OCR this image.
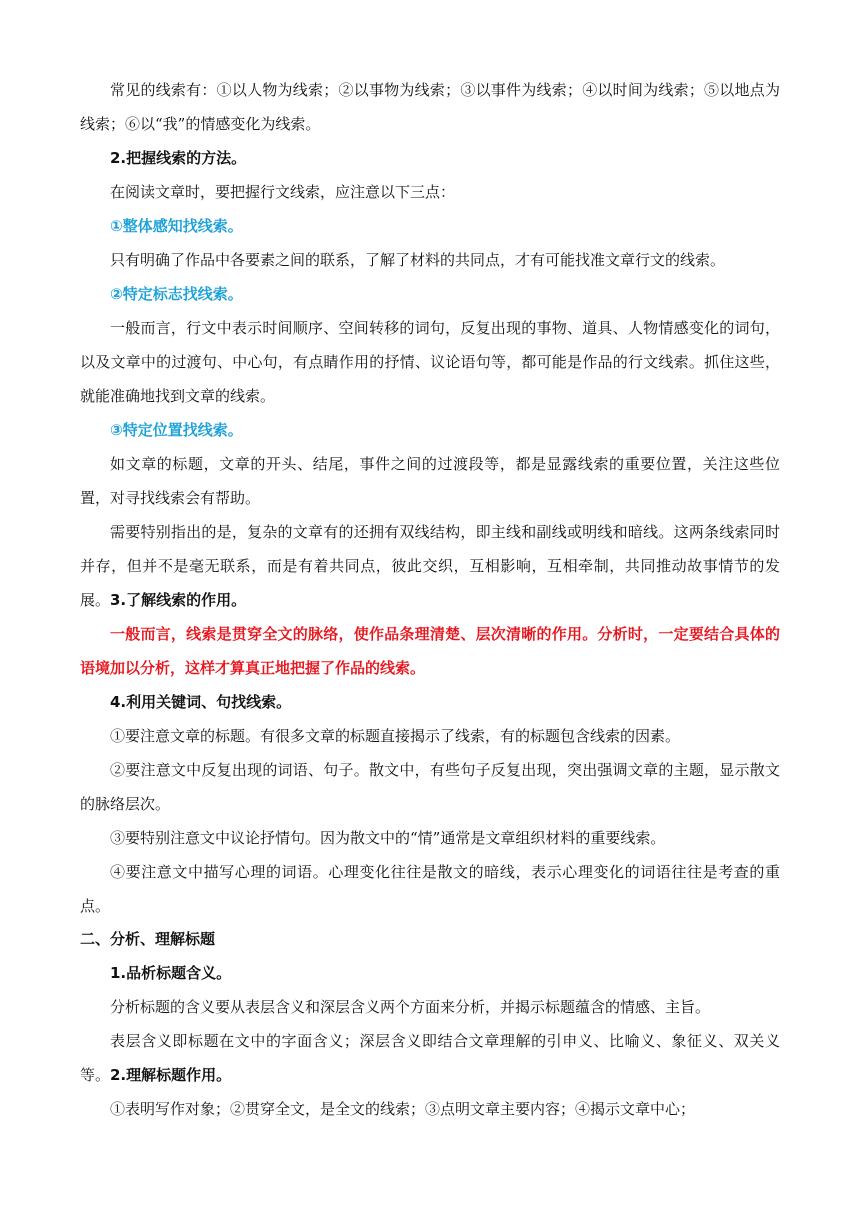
常见的线索有：①以人物为线索；②以事物为线索；③以事件为线索；④以时间为线索；⑤以地点为线索；⑥以“我”的情感变化为线索。

2.把握线索的方法。

在阅读文章时，要把握行文线索，应注意以下三点：

①整体感知找线索。

只有明确了作品中各要素之间的联系，了解了材料的共同点，才有可能找准文章行文的线索。

②特定标志找线索。

一般而言，行文中表示时间顺序、空间转移的词句，反复出现的事物、道具、人物情感变化的词句，以及文章中的过渡句、中心句，有点睛作用的抒情、议论语句等，都可能是作品的行文线索。抓住这些，就能准确地找到文章的线索。

③特定位置找线索。

如文章的标题，文章的开头、结尾，事件之间的过渡段等，都是显露线索的重要位置，关注这些位置，对寻找线索会有帮助。

需要特别指出的是，复杂的文章有的还拥有双线结构，即主线和副线或明线和暗线。这两条线索同时并存，但并不是毫无联系，而是有着共同点，彼此交织，互相影响，互相牵制，共同推动故事情节的发展。 3.了解线索的作用。

一般而言，线索是贯穿全文的脉络，使作品条理清楚、层次清晰的作用。分析时，一定要结合具体的语境加以分析，这样才算真正地把握了作品的线索。

4.利用关键词、句找线索。

①要注意文章的标题。有很多文章的标题直接揭示了线索，有的标题包含线索的因素。

②要注意文中反复出现的词语、句子。散文中，有些句子反复出现，突出强调文章的主题，显示散文的脉络层次。

③要特别注意文中议论抒情句。因为散文中的“情”通常是文章组织材料的重要线索。

④要注意文中描写心理的词语。心理变化往往是散文的暗线，表示心理变化的词语往往是考查的重点。

二、分析、理解标题

1.品析标题含义。

分析标题的含义要从表层含义和深层含义两个方面来分析，并揭示标题蕴含的情感、主旨。

表层含义即标题在文中的字面含义；深层含义即结合文章理解的引申义、比喻义、象征义、双关义等。 2.理解标题作用。

①表明写作对象；②贯穿全文，是全文的线索；③点明文章主要内容；④揭示文章中心；
